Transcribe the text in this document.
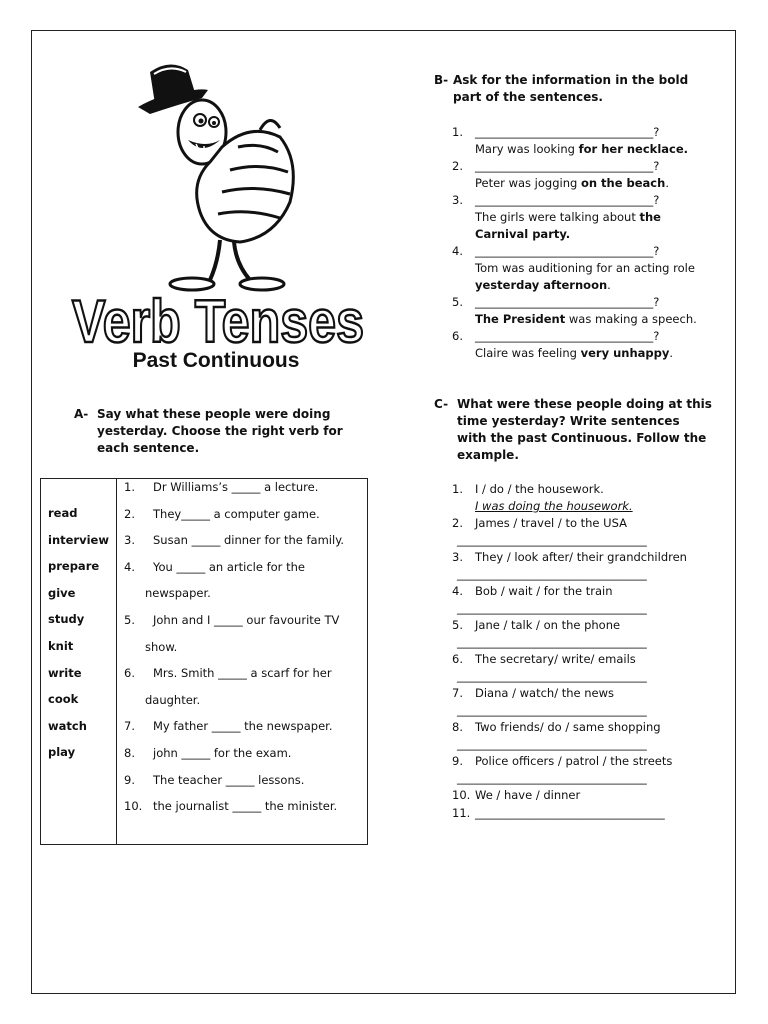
Verb Tenses
Past Continuous
A- Say what these people were doing yesterday. Choose the right verb for each sentence.
read
interview
prepare
give
study
knit
write
cook
watch
play
1. Dr Williams’s _____ a lecture.
2. They_____ a computer game.
3. Susan _____ dinner for the family.
4. You _____ an article for the
newspaper.
5. John and I _____ our favourite TV
show.
6. Mrs. Smith _____ a scarf for her
daughter.
7. My father _____ the newspaper.
8. john _____ for the exam.
9. The teacher _____ lessons.
10. the journalist _____ the minister.
B- Ask for the information in the bold part of the sentences.
1. _______________________________?
Mary was looking for her necklace.
2. _______________________________?
Peter was jogging on the beach.
3. _______________________________?
The girls were talking about the
Carnival party.
4. _______________________________?
Tom was auditioning for an acting role
yesterday afternoon.
5. _______________________________?
The President was making a speech.
6. _______________________________?
Claire was feeling very unhappy.
C- What were these people doing at this time yesterday? Write sentences with the past Continuous. Follow the example.
1. I / do / the housework.
I was doing the housework.
2. James / travel / to the USA
_________________________________
3. They / look after/ their grandchildren
_________________________________
4. Bob / wait / for the train
_________________________________
5. Jane / talk / on the phone
_________________________________
6. The secretary/ write/ emails
_________________________________
7. Diana / watch/ the news
_________________________________
8. Two friends/ do / same shopping
_________________________________
9. Police officers / patrol / the streets
_________________________________
10. We / have / dinner
11. _________________________________
